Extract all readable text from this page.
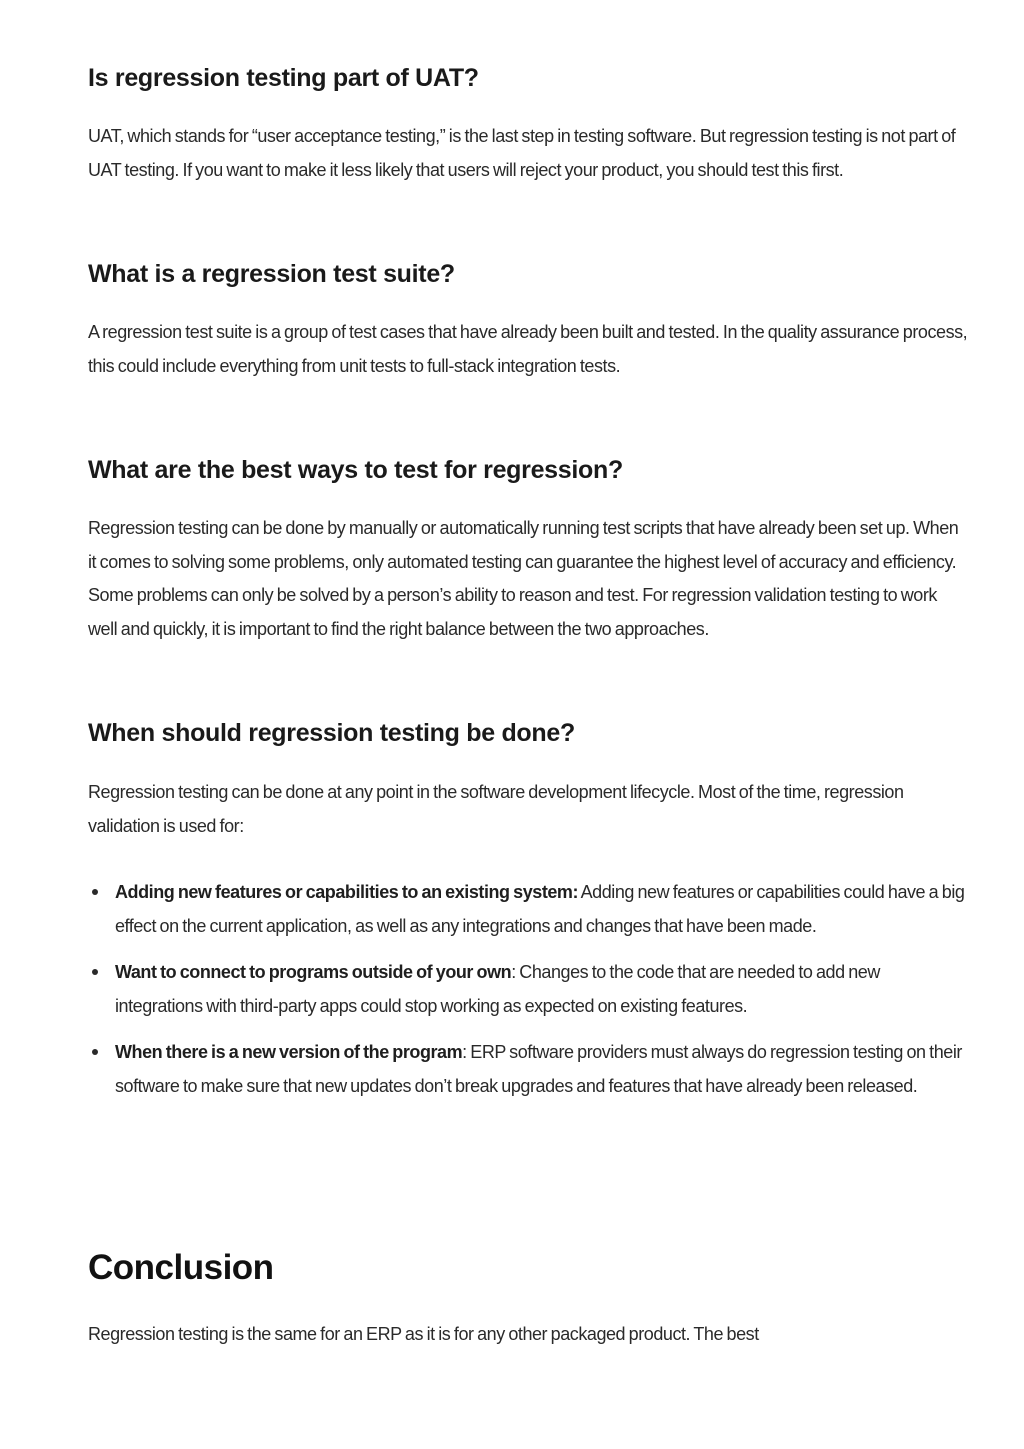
Is regression testing part of UAT?

UAT, which stands for “user acceptance testing,” is the last step in testing software. But regression testing is not part of UAT testing. If you want to make it less likely that users will reject your product, you should test this first.

What is a regression test suite?

A regression test suite is a group of test cases that have already been built and tested. In the quality assurance process, this could include everything from unit tests to full-stack integration tests.

What are the best ways to test for regression?

Regression testing can be done by manually or automatically running test scripts that have already been set up. When it comes to solving some problems, only automated testing can guarantee the highest level of accuracy and efficiency. Some problems can only be solved by a person’s ability to reason and test. For regression validation testing to work well and quickly, it is important to find the right balance between the two approaches.

When should regression testing be done?

Regression testing can be done at any point in the software development lifecycle. Most of the time, regression validation is used for:

Adding new features or capabilities to an existing system: Adding new features or capabilities could have a big effect on the current application, as well as any integrations and changes that have been made.
Want to connect to programs outside of your own: Changes to the code that are needed to add new integrations with third-party apps could stop working as expected on existing features.
When there is a new version of the program: ERP software providers must always do regression testing on their software to make sure that new updates don’t break upgrades and features that have already been released.
Conclusion

Regression testing is the same for an ERP as it is for any other packaged product. The best
